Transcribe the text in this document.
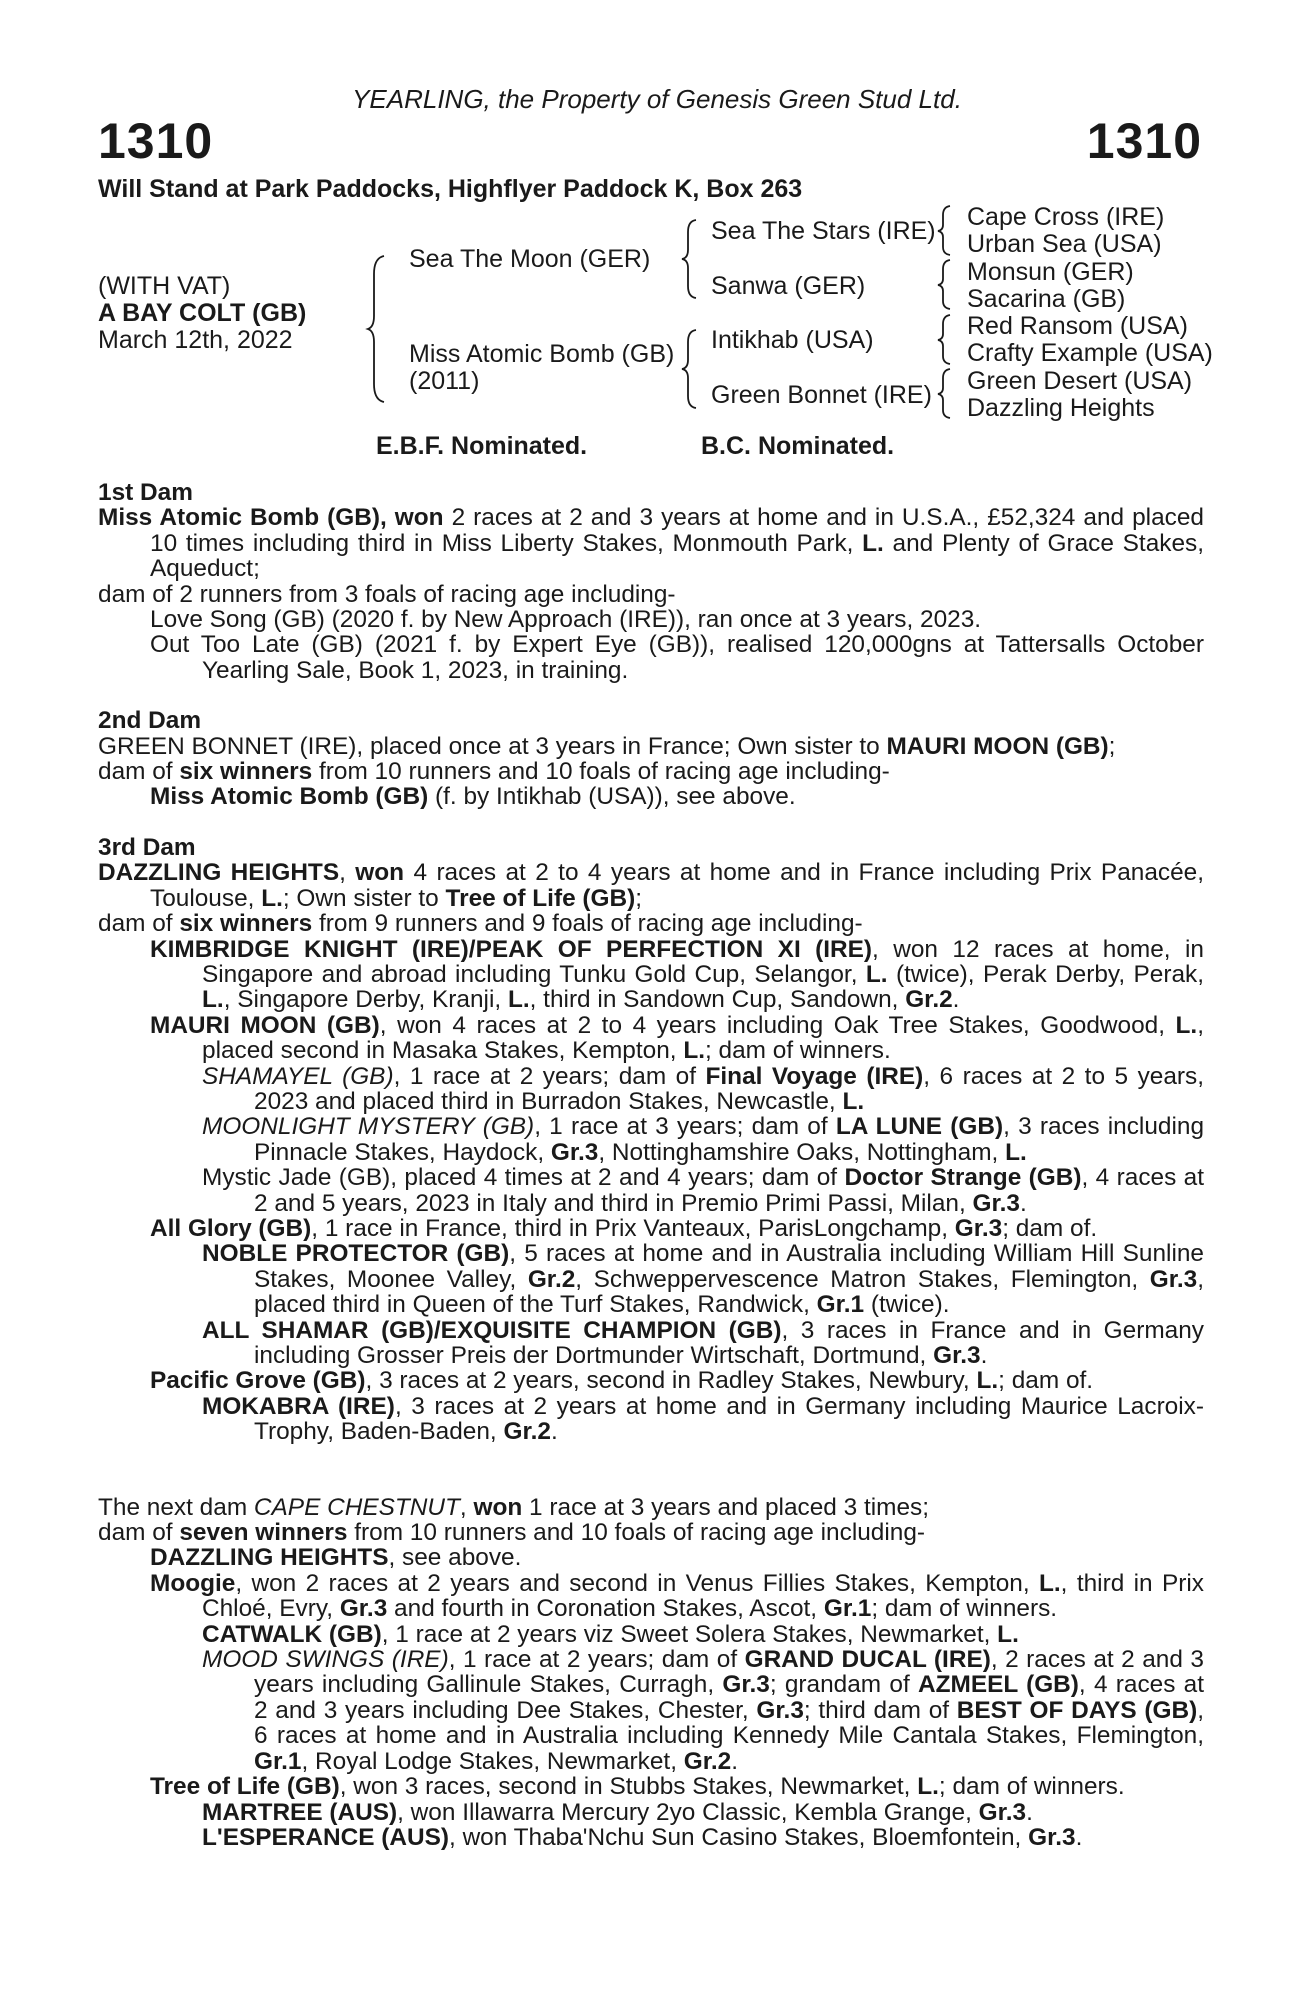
YEARLING, the Property of Genesis Green Stud Ltd.
1310	1310
Will Stand at Park Paddocks, Highflyer Paddock K, Box 263
(WITH VAT)
A BAY COLT (GB)
March 12th, 2022
Sea The Moon (GER)
Miss Atomic Bomb (GB)
(2011)
Sea The Stars (IRE)
Sanwa (GER)
Intikhab (USA)
Green Bonnet (IRE)
Cape Cross (IRE)
Urban Sea (USA)
Monsun (GER)
Sacarina (GB)
Red Ransom (USA)
Crafty Example (USA)
Green Desert (USA)
Dazzling Heights
E.B.F. Nominated.	B.C. Nominated.

1st Dam

Miss Atomic Bomb (GB), won 2 races at 2 and 3 years at home and in U.S.A., £52,324 and placed 10 times including third in Miss Liberty Stakes, Monmouth Park, L. and Plenty of Grace Stakes, Aqueduct;

dam of 2 runners from 3 foals of racing age including-

Love Song (GB) (2020 f. by New Approach (IRE)), ran once at 3 years, 2023.

Out Too Late (GB) (2021 f. by Expert Eye (GB)), realised 120,000gns at Tattersalls October Yearling Sale, Book 1, 2023, in training.

2nd Dam

GREEN BONNET (IRE), placed once at 3 years in France; Own sister to MAURI MOON (GB);

dam of six winners from 10 runners and 10 foals of racing age including-

Miss Atomic Bomb (GB) (f. by Intikhab (USA)), see above.

3rd Dam

DAZZLING HEIGHTS, won 4 races at 2 to 4 years at home and in France including Prix Panacée, Toulouse, L.; Own sister to Tree of Life (GB);

dam of six winners from 9 runners and 9 foals of racing age including-

KIMBRIDGE KNIGHT (IRE)/PEAK OF PERFECTION XI (IRE), won 12 races at home, in Singapore and abroad including Tunku Gold Cup, Selangor, L. (twice), Perak Derby, Perak, L., Singapore Derby, Kranji, L., third in Sandown Cup, Sandown, Gr.2.

MAURI MOON (GB), won 4 races at 2 to 4 years including Oak Tree Stakes, Goodwood, L., placed second in Masaka Stakes, Kempton, L.; dam of winners.

SHAMAYEL (GB), 1 race at 2 years; dam of Final Voyage (IRE), 6 races at 2 to 5 years, 2023 and placed third in Burradon Stakes, Newcastle, L.

MOONLIGHT MYSTERY (GB), 1 race at 3 years; dam of LA LUNE (GB), 3 races including Pinnacle Stakes, Haydock, Gr.3, Nottinghamshire Oaks, Nottingham, L.

Mystic Jade (GB), placed 4 times at 2 and 4 years; dam of Doctor Strange (GB), 4 races at 2 and 5 years, 2023 in Italy and third in Premio Primi Passi, Milan, Gr.3.

All Glory (GB), 1 race in France, third in Prix Vanteaux, ParisLongchamp, Gr.3; dam of.

NOBLE PROTECTOR (GB), 5 races at home and in Australia including William Hill Sunline Stakes, Moonee Valley, Gr.2, Schweppervescence Matron Stakes, Flemington, Gr.3, placed third in Queen of the Turf Stakes, Randwick, Gr.1 (twice).

ALL SHAMAR (GB)/EXQUISITE CHAMPION (GB), 3 races in France and in Germany including Grosser Preis der Dortmunder Wirtschaft, Dortmund, Gr.3.

Pacific Grove (GB), 3 races at 2 years, second in Radley Stakes, Newbury, L.; dam of.

MOKABRA (IRE), 3 races at 2 years at home and in Germany including Maurice Lacroix-Trophy, Baden-Baden, Gr.2.

The next dam CAPE CHESTNUT, won 1 race at 3 years and placed 3 times;

dam of seven winners from 10 runners and 10 foals of racing age including-

DAZZLING HEIGHTS, see above.

Moogie, won 2 races at 2 years and second in Venus Fillies Stakes, Kempton, L., third in Prix Chloé, Evry, Gr.3 and fourth in Coronation Stakes, Ascot, Gr.1; dam of winners.

CATWALK (GB), 1 race at 2 years viz Sweet Solera Stakes, Newmarket, L.

MOOD SWINGS (IRE), 1 race at 2 years; dam of GRAND DUCAL (IRE), 2 races at 2 and 3 years including Gallinule Stakes, Curragh, Gr.3; grandam of AZMEEL (GB), 4 races at 2 and 3 years including Dee Stakes, Chester, Gr.3; third dam of BEST OF DAYS (GB), 6 races at home and in Australia including Kennedy Mile Cantala Stakes, Flemington, Gr.1, Royal Lodge Stakes, Newmarket, Gr.2.

Tree of Life (GB), won 3 races, second in Stubbs Stakes, Newmarket, L.; dam of winners.

MARTREE (AUS), won Illawarra Mercury 2yo Classic, Kembla Grange, Gr.3.

L'ESPERANCE (AUS), won Thaba'Nchu Sun Casino Stakes, Bloemfontein, Gr.3.
